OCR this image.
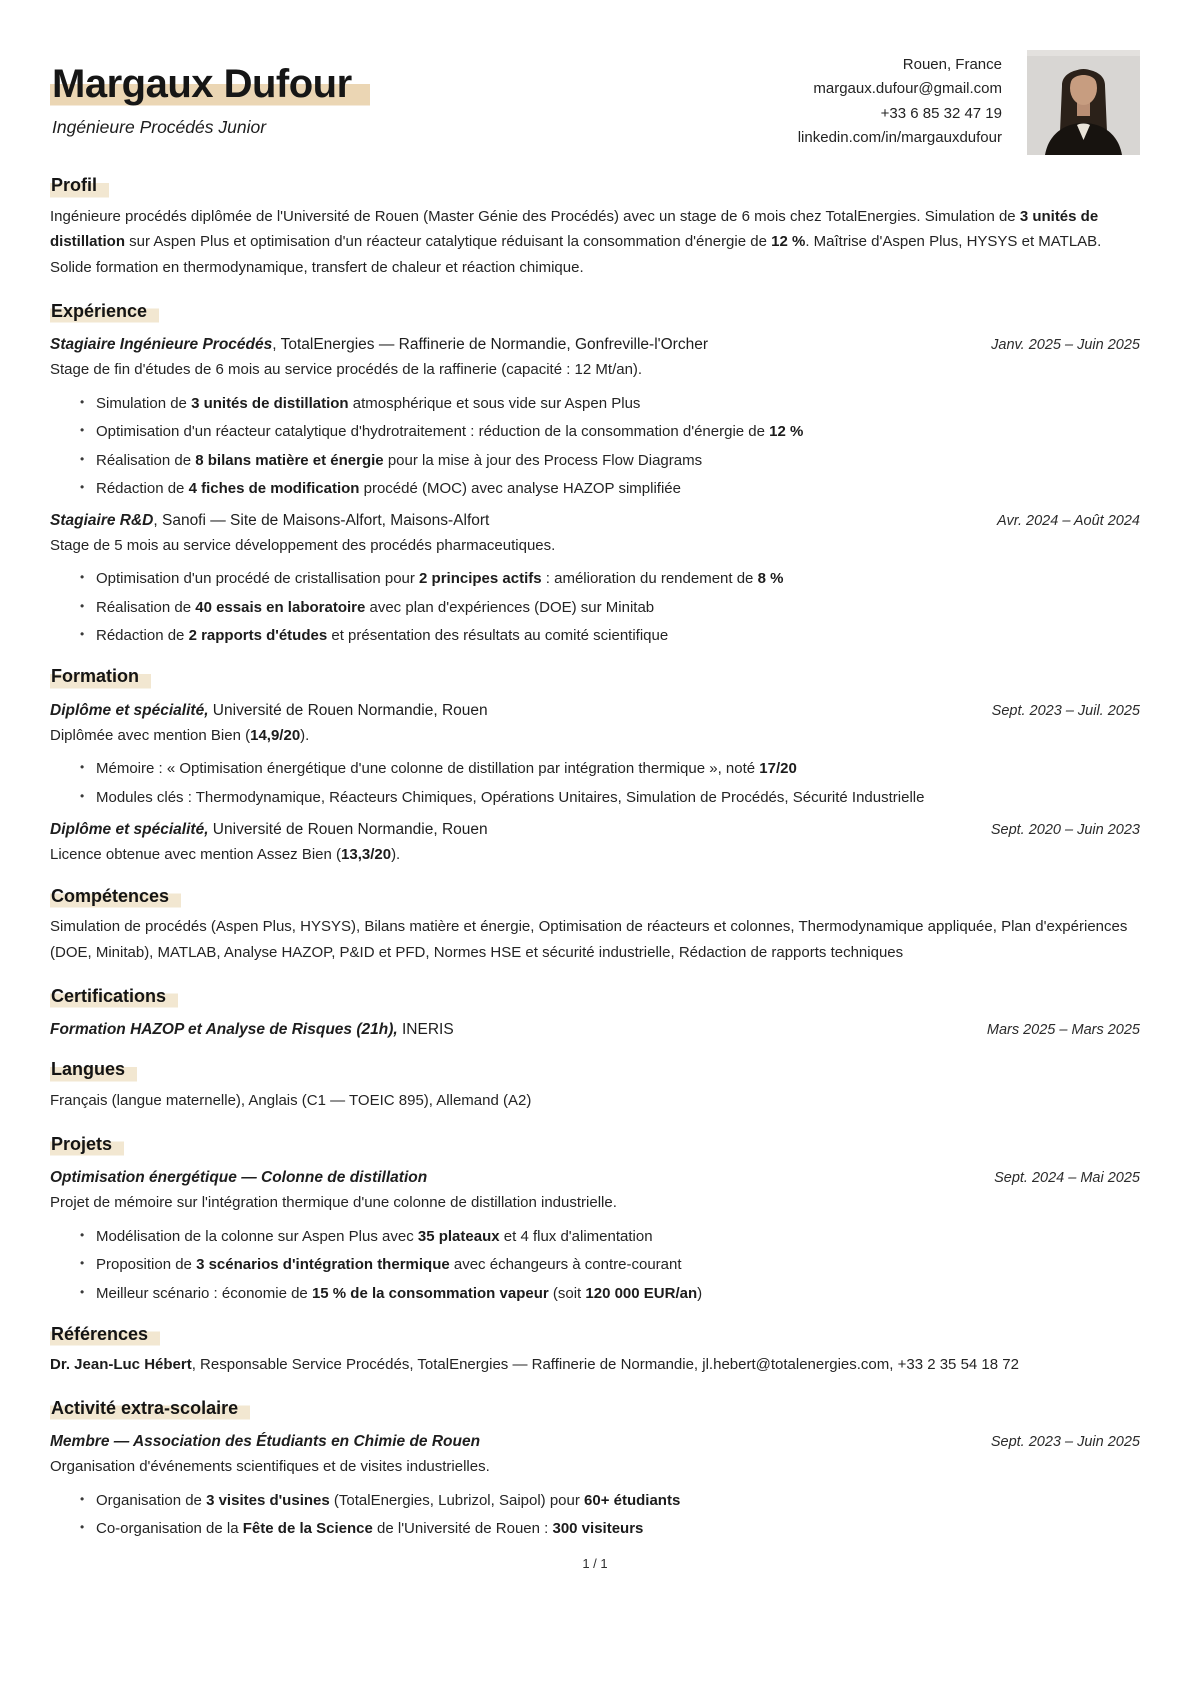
Margaux Dufour
Ingénieure Procédés Junior
Rouen, France
margaux.dufour@gmail.com
+33 6 85 32 47 19
linkedin.com/in/margauxdufour
Profil

Ingénieure procédés diplômée de l'Université de Rouen (Master Génie des Procédés) avec un stage de 6 mois chez TotalEnergies. Simulation de 3 unités de distillation sur Aspen Plus et optimisation d'un réacteur catalytique réduisant la consommation d'énergie de 12 %. Maîtrise d'Aspen Plus, HYSYS et MATLAB. Solide formation en thermodynamique, transfert de chaleur et réaction chimique.

Expérience
Stagiaire Ingénieure Procédés, TotalEnergies — Raffinerie de Normandie, Gonfreville-l'Orcher	Janv. 2025 – Juin 2025

Stage de fin d'études de 6 mois au service procédés de la raffinerie (capacité : 12 Mt/an).

• Simulation de 3 unités de distillation atmosphérique et sous vide sur Aspen Plus
• Optimisation d'un réacteur catalytique d'hydrotraitement : réduction de la consommation d'énergie de 12 %
• Réalisation de 8 bilans matière et énergie pour la mise à jour des Process Flow Diagrams
• Rédaction de 4 fiches de modification procédé (MOC) avec analyse HAZOP simplifiée
Stagiaire R&D, Sanofi — Site de Maisons-Alfort, Maisons-Alfort	Avr. 2024 – Août 2024

Stage de 5 mois au service développement des procédés pharmaceutiques.

• Optimisation d'un procédé de cristallisation pour 2 principes actifs : amélioration du rendement de 8 %
• Réalisation de 40 essais en laboratoire avec plan d'expériences (DOE) sur Minitab
• Rédaction de 2 rapports d'études et présentation des résultats au comité scientifique
Formation
Diplôme et spécialité, Université de Rouen Normandie, Rouen	Sept. 2023 – Juil. 2025

Diplômée avec mention Bien (14,9/20).

• Mémoire : « Optimisation énergétique d'une colonne de distillation par intégration thermique », noté 17/20
• Modules clés : Thermodynamique, Réacteurs Chimiques, Opérations Unitaires, Simulation de Procédés, Sécurité Industrielle
Diplôme et spécialité, Université de Rouen Normandie, Rouen	Sept. 2020 – Juin 2023

Licence obtenue avec mention Assez Bien (13,3/20).

Compétences

Simulation de procédés (Aspen Plus, HYSYS), Bilans matière et énergie, Optimisation de réacteurs et colonnes, Thermodynamique appliquée, Plan d'expériences (DOE, Minitab), MATLAB, Analyse HAZOP, P&ID et PFD, Normes HSE et sécurité industrielle, Rédaction de rapports techniques

Certifications
Formation HAZOP et Analyse de Risques (21h), INERIS	Mars 2025 – Mars 2025
Langues

Français (langue maternelle), Anglais (C1 — TOEIC 895), Allemand (A2)

Projets
Optimisation énergétique — Colonne de distillation	Sept. 2024 – Mai 2025

Projet de mémoire sur l'intégration thermique d'une colonne de distillation industrielle.

• Modélisation de la colonne sur Aspen Plus avec 35 plateaux et 4 flux d'alimentation
• Proposition de 3 scénarios d'intégration thermique avec échangeurs à contre-courant
• Meilleur scénario : économie de 15 % de la consommation vapeur (soit 120 000 EUR/an)
Références

Dr. Jean-Luc Hébert, Responsable Service Procédés, TotalEnergies — Raffinerie de Normandie, jl.hebert@totalenergies.com, +33 2 35 54 18 72

Activité extra-scolaire
Membre — Association des Étudiants en Chimie de Rouen	Sept. 2023 – Juin 2025

Organisation d'événements scientifiques et de visites industrielles.

• Organisation de 3 visites d'usines (TotalEnergies, Lubrizol, Saipol) pour 60+ étudiants
• Co-organisation de la Fête de la Science de l'Université de Rouen : 300 visiteurs
1 / 1
